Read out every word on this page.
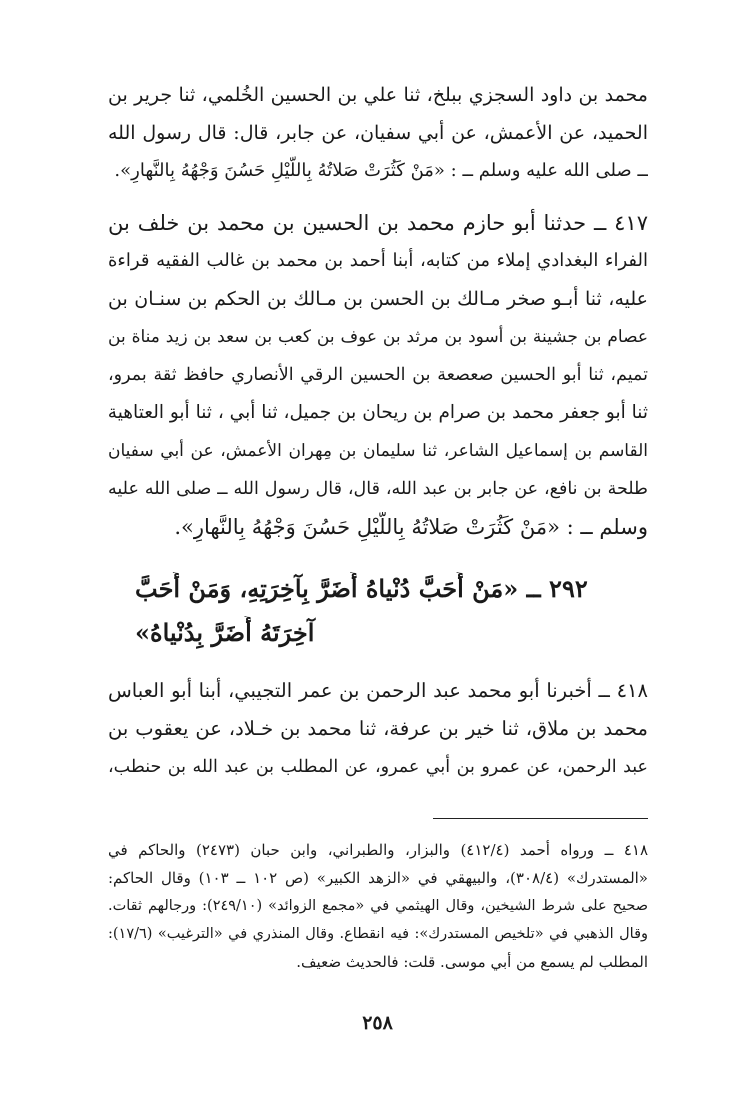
محمد بن داود السجزي ببلخ، ثنا علي بن الحسين الخُلمي، ثنا جرير بن
الحميد، عن الأعمش، عن أبي سفيان، عن جابر، قال: قال رسول الله
ــ صلى الله عليه وسلم ــ : «مَنْ كَثُرَتْ صَلاتُهُ بِاللَّيْلِ حَسُنَ وَجْهُهُ بِالنَّهارِ».
٤١٧ ــ حدثنا أبو حازم محمد بن الحسين بن محمد بن خلف بن
الفراء البغدادي إملاء من كتابه، أبنا أحمد بن محمد بن غالب الفقيه قراءة
عليه، ثنا أبـو صخر مـالك بن الحسن بن مـالك بن الحكم بن سنـان بن
عصام بن جشينة بن أسود بن مرثد بن عوف بن كعب بن سعد بن زيد مناة بن
تميم، ثنا أبو الحسين صعصعة بن الحسين الرقي الأنصاري حافظ ثقة بمرو،
ثنا أبو جعفر محمد بن صرام بن ريحان بن جميل، ثنا أبي ، ثنا أبو العتاهية
القاسم بن إسماعيل الشاعر، ثنا سليمان بن مِهران الأعمش، عن أبي سفيان
طلحة بن نافع، عن جابر بن عبد الله، قال، قال رسول الله ــ صلى الله عليه
وسلم ــ : «مَنْ كَثُرَتْ صَلاتُهُ بِاللَّيْلِ حَسُنَ وَجْهُهُ بِالنَّهارِ».
٢٩٢ ــ «مَنْ أَحَبَّ دُنْياهُ أَضَرَّ بِآخِرَتِهِ، وَمَنْ أَحَبَّ
آخِرَتَهُ أَضَرَّ بِدُنْياهُ»
٤١٨ ــ أخبرنا أبو محمد عبد الرحمن بن عمر التجيبي، أبنا أبو العباس
محمد بن ملاق، ثنا خير بن عرفة، ثنا محمد بن خـلاد، عن يعقوب بن
عبد الرحمن، عن عمرو بن أبي عمرو، عن المطلب بن عبد الله بن حنطب،
٤١٨ ــ ورواه أحمد (٤١٢/٤) والبزار، والطبراني، وابن حبان (٢٤٧٣) والحاكم في
«المستدرك» (٣٠٨/٤)، والبيهقي في «الزهد الكبير» (ص ١٠٢ ــ ١٠٣) وقال الحاكم:
صحيح على شرط الشيخين، وقال الهيثمي في «مجمع الزوائد» (٢٤٩/١٠): ورجالهم ثقات.
وقال الذهبي في «تلخيص المستدرك»: فيه انقطاع. وقال المنذري في «الترغيب» (١٧/٦):
المطلب لم يسمع من أبي موسى. قلت: فالحديث ضعيف.
٢٥٨
